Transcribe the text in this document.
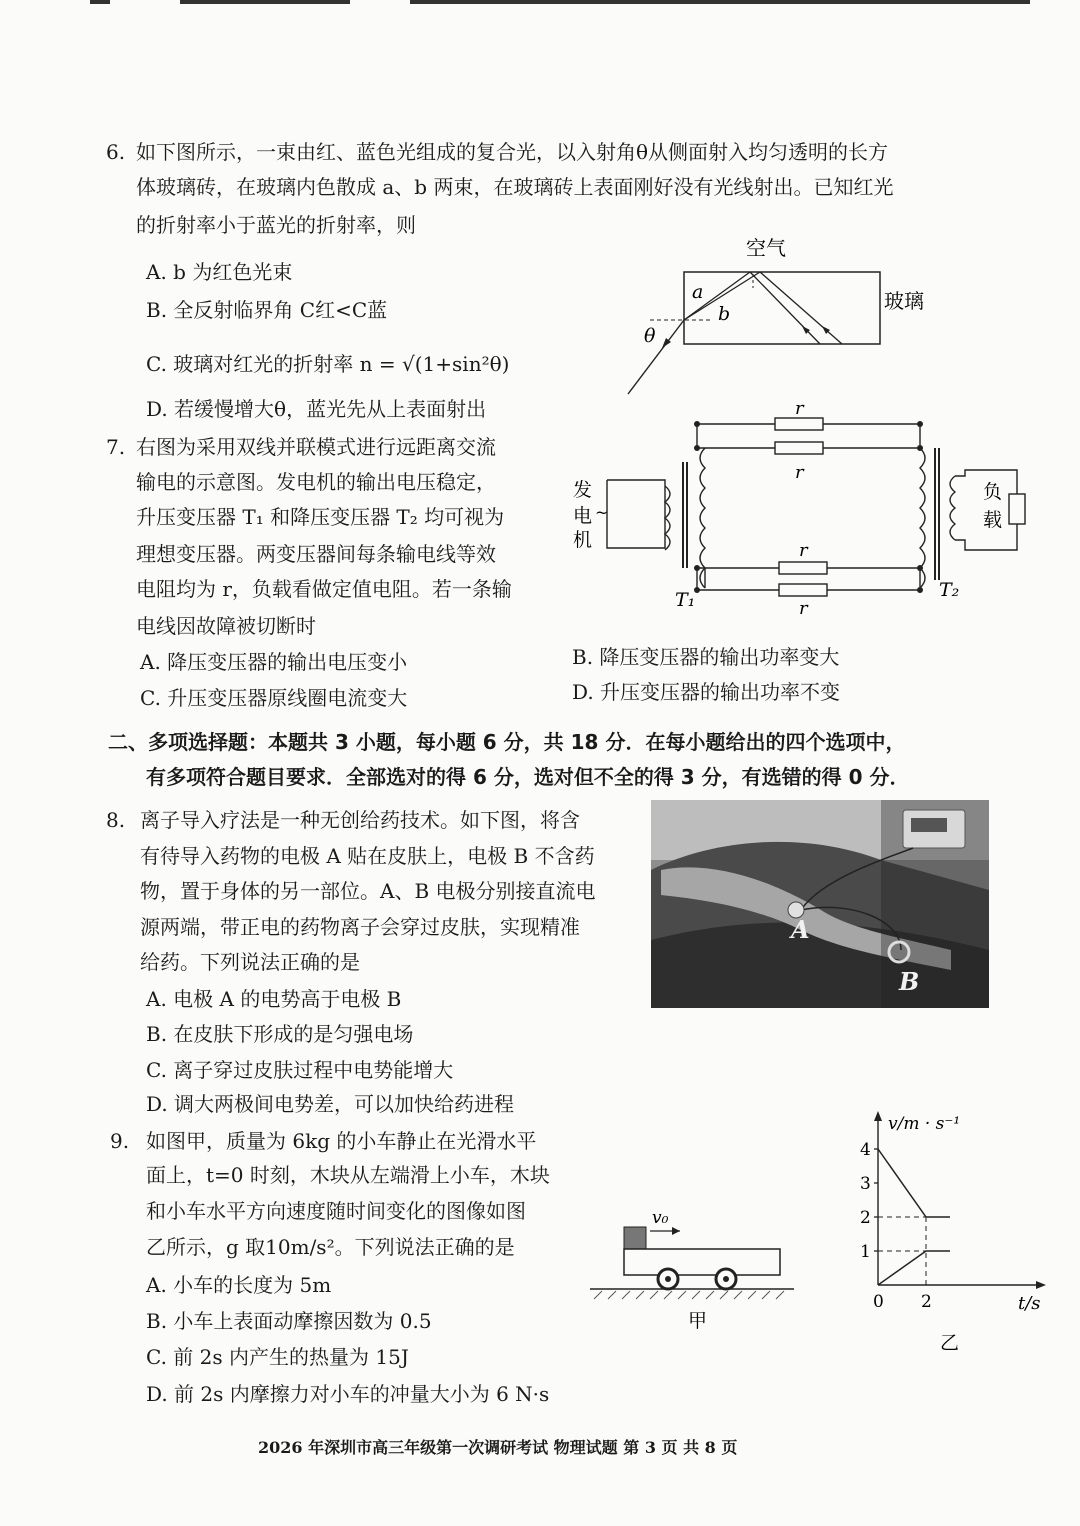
6. 如下图所示，一束由红、蓝色光组成的复合光，以入射角θ从侧面射入均匀透明的长方
体玻璃砖，在玻璃内色散成 a、b 两束，在玻璃砖上表面刚好没有光线射出。已知红光
的折射率小于蓝光的折射率，则
A. b 为红色光束
B. 全反射临界角 C红<C蓝
C. 玻璃对红光的折射率 n = √(1+sin²θ)
D. 若缓慢增大θ，蓝光先从上表面射出
空气
玻璃
a
b
θ
7. 右图为采用双线并联模式进行远距离交流
输电的示意图。发电机的输出电压稳定，
升压变压器 T₁ 和降压变压器 T₂ 均可视为
理想变压器。两变压器间每条输电线等效
电阻均为 r，负载看做定值电阻。若一条输
电线因故障被切断时
A. 降压变压器的输出电压变小	B. 降压变压器的输出功率变大
C. 升压变压器原线圈电流变大	D. 升压变压器的输出功率不变
发
电
机
~
负
载
r
r
r
r
T₁	T₂
二、多项选择题：本题共 3 小题，每小题 6 分，共 18 分．在每小题给出的四个选项中，
有多项符合题目要求．全部选对的得 6 分，选对但不全的得 3 分，有选错的得 0 分．
8. 离子导入疗法是一种无创给药技术。如下图，将含
有待导入药物的电极 A 贴在皮肤上，电极 B 不含药
物，置于身体的另一部位。A、B 电极分别接直流电
源两端，带正电的药物离子会穿过皮肤，实现精准
给药。下列说法正确的是
A. 电极 A 的电势高于电极 B
B. 在皮肤下形成的是匀强电场
C. 离子穿过皮肤过程中电势能增大
D. 调大两极间电势差，可以加快给药进程
A
B
9. 如图甲，质量为 6kg 的小车静止在光滑水平
面上，t=0 时刻，木块从左端滑上小车，木块
和小车水平方向速度随时间变化的图像如图
乙所示，g 取10m/s²。下列说法正确的是
A. 小车的长度为 5m
B. 小车上表面动摩擦因数为 0.5
C. 前 2s 内产生的热量为 15J
D. 前 2s 内摩擦力对小车的冲量大小为 6 N·s
v₀
甲
v/m · s⁻¹
t/s
乙
1
2
3
4
0 2
2026 年深圳市高三年级第一次调研考试 物理试题 第 3 页 共 8 页
